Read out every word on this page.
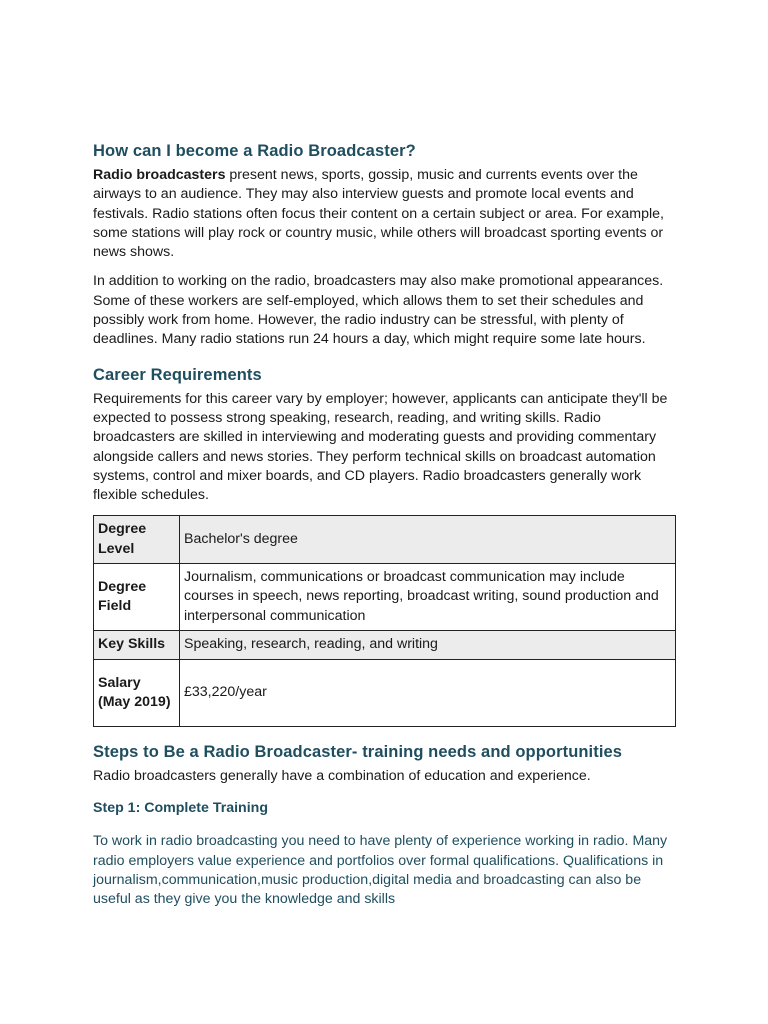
How can I become a Radio Broadcaster?

Radio broadcasters present news, sports, gossip, music and currents events over the airways to an audience. They may also interview guests and promote local events and festivals. Radio stations often focus their content on a certain subject or area. For example, some stations will play rock or country music, while others will broadcast sporting events or news shows.

In addition to working on the radio, broadcasters may also make promotional appearances. Some of these workers are self-employed, which allows them to set their schedules and possibly work from home. However, the radio industry can be stressful, with plenty of deadlines. Many radio stations run 24 hours a day, which might require some late hours.

Career Requirements

Requirements for this career vary by employer; however, applicants can anticipate they'll be expected to possess strong speaking, research, reading, and writing skills. Radio broadcasters are skilled in interviewing and moderating guests and providing commentary alongside callers and news stories. They perform technical skills on broadcast automation systems, control and mixer boards, and CD players. Radio broadcasters generally work flexible schedules.

Degree Level	Bachelor's degree
Degree Field	Journalism, communications or broadcast communication may include courses in speech, news reporting, broadcast writing, sound production and interpersonal communication
Key Skills	Speaking, research, reading, and writing
Salary (May 2019)	£33,220/year
Steps to Be a Radio Broadcaster- training needs and opportunities

Radio broadcasters generally have a combination of education and experience.

Step 1: Complete Training

To work in radio broadcasting you need to have plenty of experience working in radio. Many radio employers value experience and portfolios over formal qualifications. Qualifications in journalism,communication,music production,digital media and broadcasting can also be useful as they give you the knowledge and skills
